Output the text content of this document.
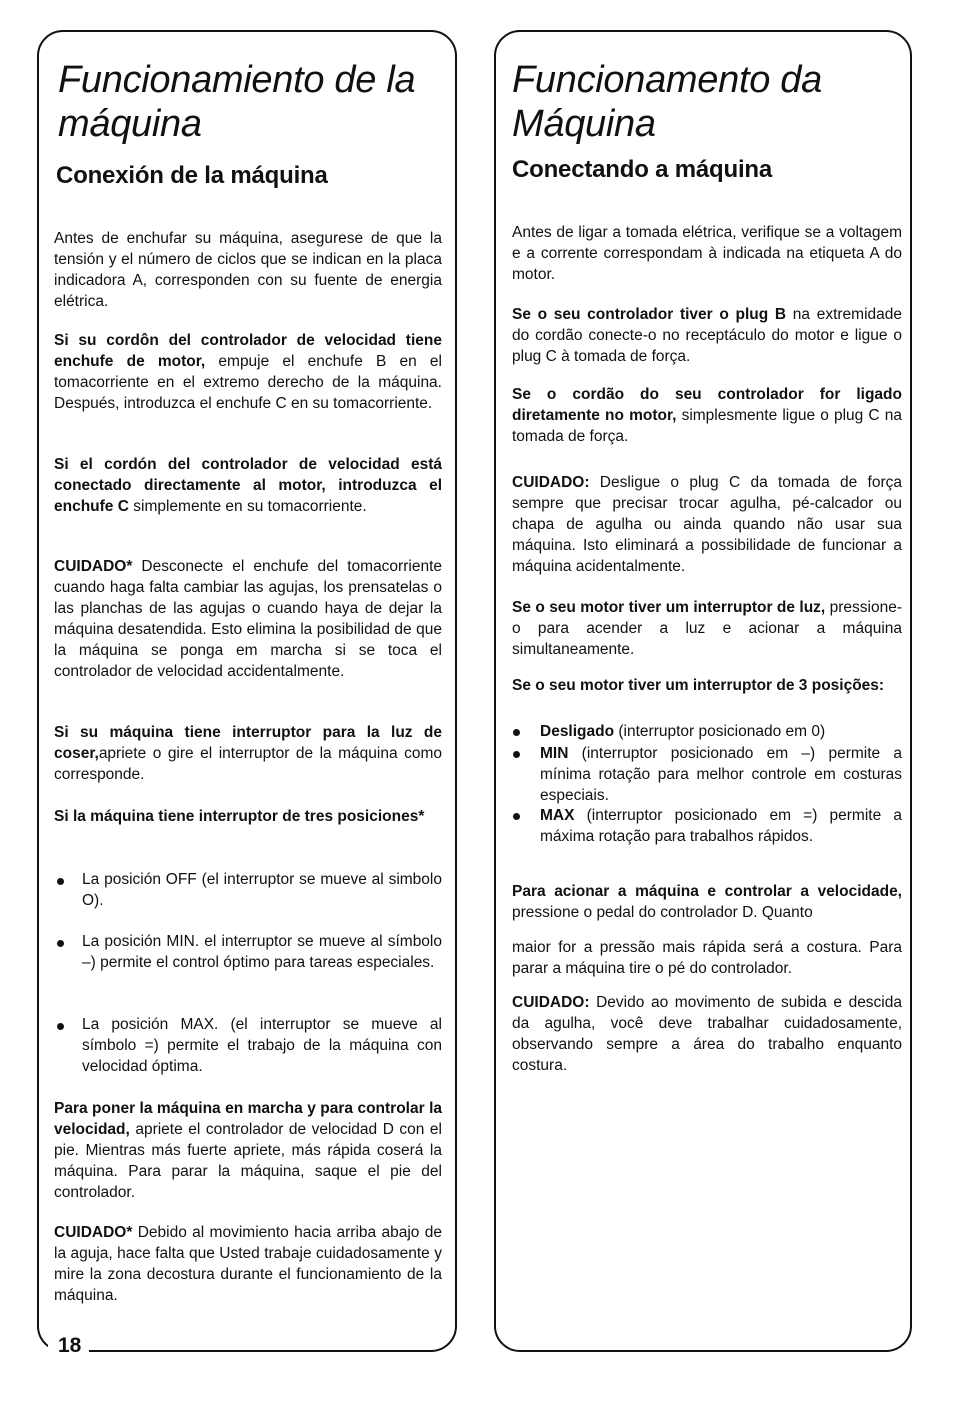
18
Funcionamiento de la
máquina
Conexión de la máquina
Antes de enchufar su máquina, asegurese de que la tensión y el número de ciclos que se indican en la placa indicadora A, corresponden con su fuente de energia elétrica.
Si su cordôn del controlador de velocidad tiene enchufe de motor, empuje el enchufe B en el tomacorriente en el extremo derecho de la máquina. Después, introduzca el enchufe C en su tomacorriente.
Si el cordón del controlador de velocidad está conectado directamente al motor, introduzca el enchufe C simplemente en su tomacorriente.
CUIDADO* Desconecte el enchufe del tomacorriente cuando haga falta cambiar las agujas, los prensatelas o las planchas de las agujas o cuando haya de dejar la máquina desatendida. Esto elimina la posibilidad de que la máquina se ponga em marcha si se toca el controlador de velocidad accidentalmente.
Si su máquina tiene interruptor para la luz de coser,apriete o gire el interruptor de la máquina como corresponde.
Si la máquina tiene interruptor de tres posiciones*
La posición OFF (el interruptor se mueve al simbolo O).
La posición MIN. el interruptor se mueve al símbolo –) permite el control óptimo para tareas especiales.
La posición MAX. (el interruptor se mueve al símbolo =) permite el trabajo de la máquina con velocidad óptima.
Para poner la máquina en marcha y para controlar la velocidad, apriete el controlador de velocidad D con el pie. Mientras más fuerte apriete, más rápida coserá la máquina. Para parar la máquina, saque el pie del controlador.
CUIDADO* Debido al movimiento hacia arriba abajo de la aguja, hace falta que Usted trabaje cuidadosamente y mire la zona decostura durante el funcionamiento de la máquina.
Funcionamento da
Máquina
Conectando a máquina
Antes de ligar a tomada elétrica, verifique se a voltagem e a corrente correspondam à indicada na etiqueta A do motor.
Se o seu controlador tiver o plug B na extremidade do cordão conecte-o no receptáculo do motor e ligue o plug C à tomada de força.
Se o cordão do seu controlador for ligado diretamente no motor, simplesmente ligue o plug C na tomada de força.
CUIDADO: Desligue o plug C da tomada de força sempre que precisar trocar agulha, pé-calcador ou chapa de agulha ou ainda quando não usar sua máquina. Isto eliminará a possibilidade de funcionar a máquina acidentalmente.
Se o seu motor tiver um interruptor de luz, pressione-o para acender a luz e acionar a máquina simultaneamente.
Se o seu motor tiver um interruptor de 3 posições:
Desligado (interruptor posicionado em 0)
MIN (interruptor posicionado em –) permite a mínima rotação para melhor controle em costuras especiais.
MAX (interruptor posicionado em =) permite a máxima rotação para trabalhos rápidos.
Para acionar a máquina e controlar a velocidade, pressione o pedal do controlador D. Quanto
maior for a pressão mais rápida será a costura. Para parar a máquina tire o pé do controlador.
CUIDADO: Devido ao movimento de subida e descida da agulha, você deve trabalhar cuidadosamente, observando sempre a área do trabalho enquanto costura.
